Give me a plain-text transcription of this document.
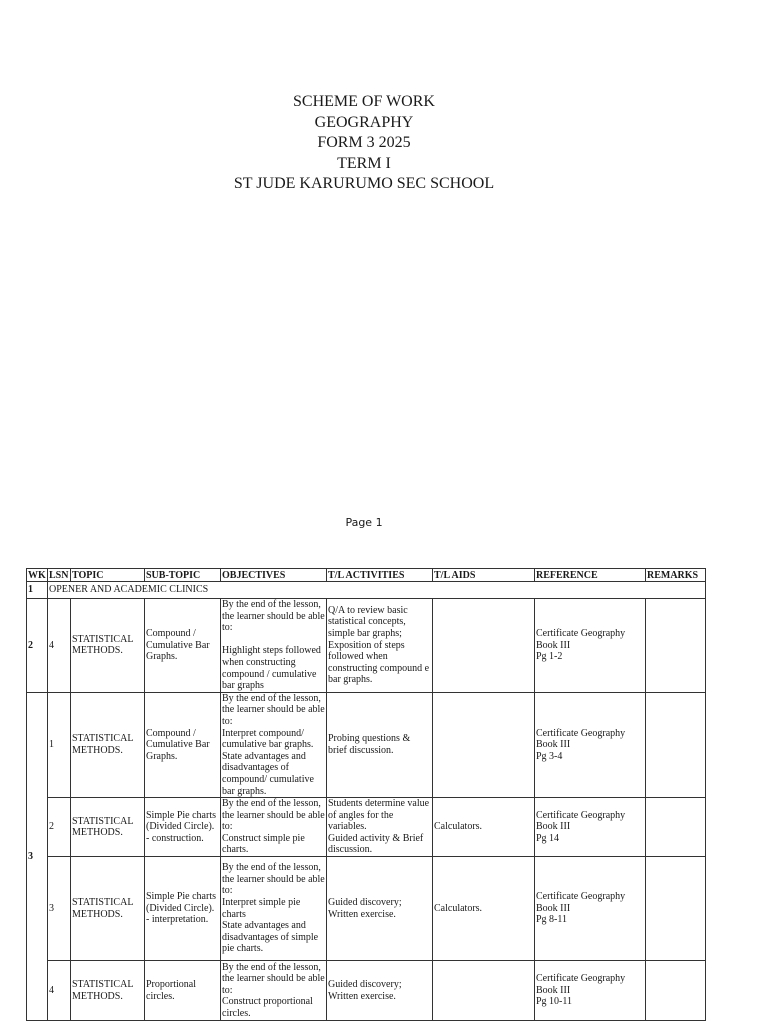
SCHEME OF WORK
GEOGRAPHY
FORM 3 2025
TERM I
ST JUDE KARURUMO SEC SCHOOL
Page 1
WK	LSN	TOPIC	SUB-TOPIC	OBJECTIVES	T/L ACTIVITIES	T/L AIDS	REFERENCE	REMARKS
1	OPENER AND ACADEMIC CLINICS							
2	4	STATISTICAL METHODS.	Compound / Cumulative Bar Graphs.	By the end of the lesson, the learner should be able to:

Highlight steps followed when constructing compound / cumulative bar graphs	Q/A to review basic statistical concepts, simple bar graphs;
Exposition of steps followed when constructing compound e bar graphs.		Certificate Geography
Book III
Pg 1-2	

3	1	STATISTICAL METHODS.	Compound / Cumulative Bar Graphs.	By the end of the lesson, the learner should be able to:
Interpret compound/ cumulative bar graphs.
State advantages and disadvantages of compound/ cumulative bar graphs.	Probing questions & brief discussion.		Certificate Geography
Book III
Pg 3-4	

	2	STATISTICAL METHODS.	Simple Pie charts (Divided Circle). - construction.	By the end of the lesson, the learner should be able to:
Construct simple pie charts.	Students determine value of angles for the variables.
Guided activity & Brief discussion.	Calculators.	Certificate Geography
Book III
Pg 14	

	3	STATISTICAL METHODS.	Simple Pie charts (Divided Circle). - interpretation.	By the end of the lesson, the learner should be able to:
Interpret simple pie charts
State advantages and disadvantages of simple pie charts.	Guided discovery;
Written exercise.	Calculators.	Certificate Geography
Book III
Pg 8-11	

	4	STATISTICAL METHODS.	Proportional circles.	By the end of the lesson, the learner should be able to:
Construct proportional circles.	Guided discovery;
Written exercise.		Certificate Geography
Book III
Pg 10-11	
